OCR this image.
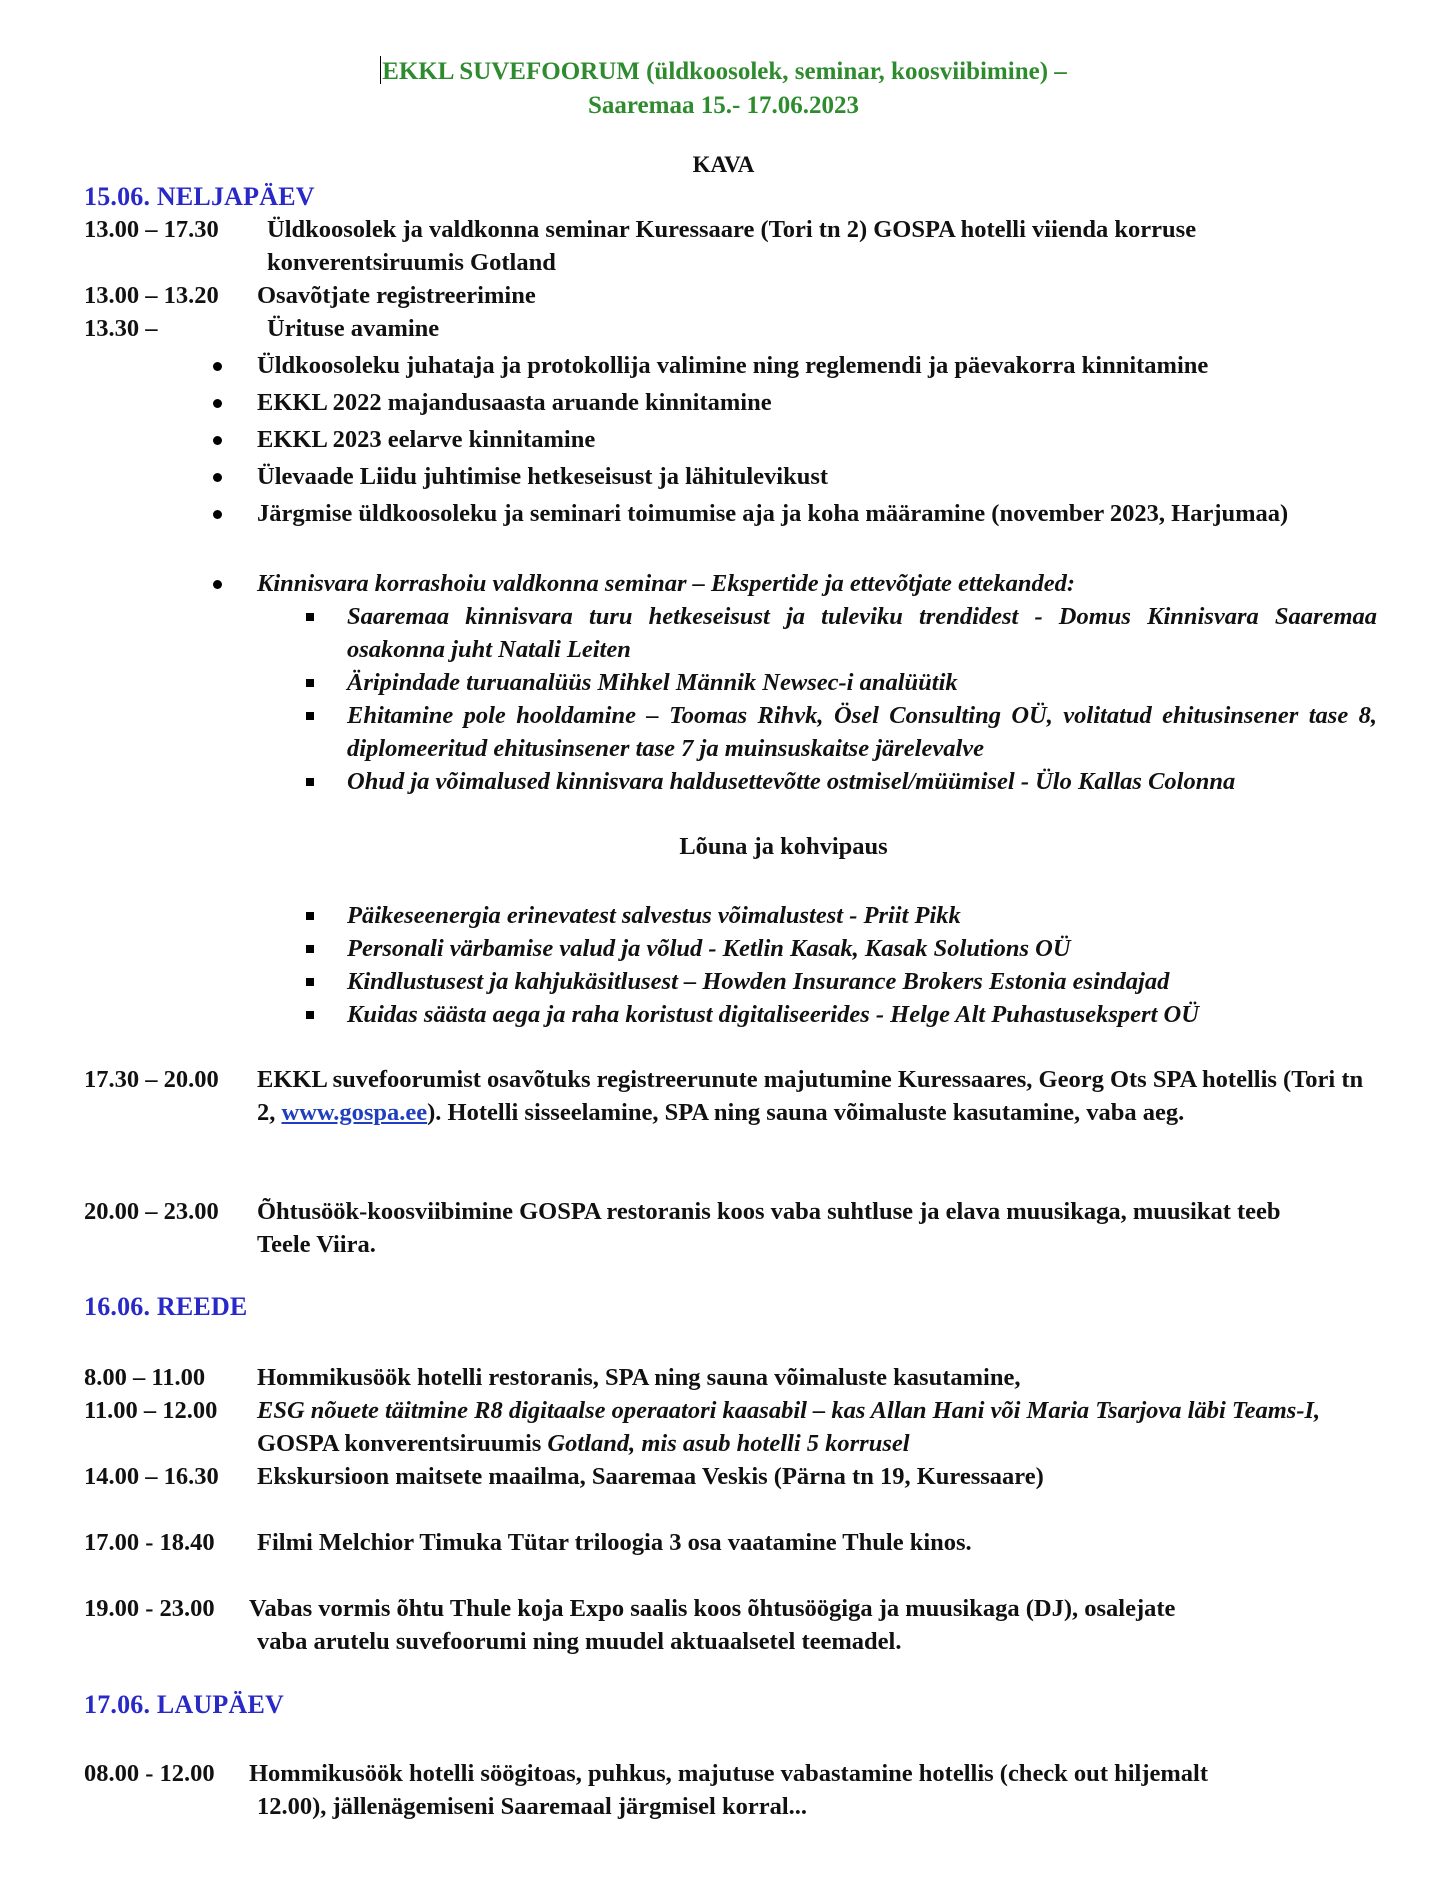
EKKL SUVEFOORUM (üldkoosolek, seminar, koosviibimine) –
Saaremaa 15.- 17.06.2023
KAVA
15.06. NELJAPÄEV
13.00 – 17.30 Üldkoosolek ja valdkonna seminar Kuressaare (Tori tn 2) GOSPA hotelli viienda korruse konverentsiruumis Gotland
13.00 – 13.20 Osavõtjate registreerimine
13.30 –	Ürituse avamine
Üldkoosoleku juhataja ja protokollija valimine ning reglemendi ja päevakorra kinnitamine
EKKL 2022 majandusaasta aruande kinnitamine
EKKL 2023 eelarve kinnitamine
Ülevaade Liidu juhtimise hetkeseisust ja lähitulevikust
Järgmise üldkoosoleku ja seminari toimumise aja ja koha määramine (november 2023, Harjumaa)
Kinnisvara korrashoiu valdkonna seminar – Ekspertide ja ettevõtjate ettekanded:
Saaremaa kinnisvara turu hetkeseisust ja tuleviku trendidest - Domus Kinnisvara Saaremaa osakonna juht Natali Leiten
Äripindade turuanalüüs Mihkel Männik Newsec-i analüütik
Ehitamine pole hooldamine – Toomas Rihvk, Ösel Consulting OÜ, volitatud ehitusinsener tase 8, diplomeeritud ehitusinsener tase 7 ja muinsuskaitse järelevalve
Ohud ja võimalused kinnisvara haldusettevõtte ostmisel/müümisel - Ülo Kallas Colonna
Lõuna ja kohvipaus
Päikeseenergia erinevatest salvestus võimalustest - Priit Pikk
Personali värbamise valud ja võlud - Ketlin Kasak, Kasak Solutions OÜ
Kindlustusest ja kahjukäsitlusest – Howden Insurance Brokers Estonia esindajad
Kuidas säästa aega ja raha koristust digitaliseerides - Helge Alt Puhastusekspert OÜ
17.30 – 20.00 EKKL suvefoorumist osavõtuks registreerunute majutumine Kuressaares, Georg Ots SPA hotellis (Tori tn 2, www.gospa.ee). Hotelli sisseelamine, SPA ning sauna võimaluste kasutamine, vaba aeg.
20.00 – 23.00 Õhtusöök-koosviibimine GOSPA restoranis koos vaba suhtluse ja elava muusikaga, muusikat teeb Teele Viira.
16.06. REEDE
8.00 – 11.00 Hommikusöök hotelli restoranis, SPA ning sauna võimaluste kasutamine,
11.00 – 12.00 ESG nõuete täitmine R8 digitaalse operaatori kaasabil – kas Allan Hani või Maria Tsarjova läbi Teams-I, GOSPA konverentsiruumis Gotland, mis asub hotelli 5 korrusel
14.00 – 16.30 Ekskursioon maitsete maailma, Saaremaa Veskis (Pärna tn 19, Kuressaare)
17.00 - 18.40 Filmi Melchior Timuka Tütar triloogia 3 osa vaatamine Thule kinos.
19.00 - 23.00 Vabas vormis õhtu Thule koja Expo saalis koos õhtusöögiga ja muusikaga (DJ), osalejate
vaba arutelu suvefoorumi ning muudel aktuaalsetel teemadel.
17.06. LAUPÄEV
08.00 - 12.00 Hommikusöök hotelli söögitoas, puhkus, majutuse vabastamine hotellis (check out hiljemalt
12.00), jällenägemiseni Saaremaal järgmisel korral...
